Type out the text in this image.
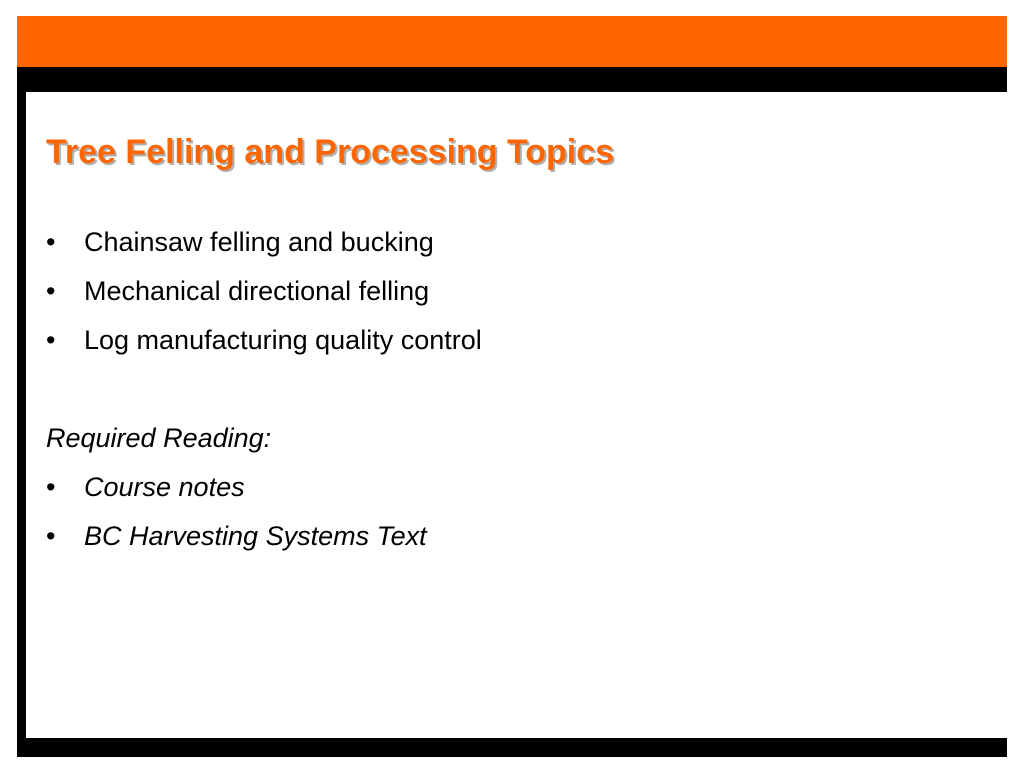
Tree Felling and Processing Topics
•	Chainsaw felling and bucking
•	Mechanical directional felling
•	Log manufacturing quality control
Required Reading:
•	Course notes
•	BC Harvesting Systems Text
